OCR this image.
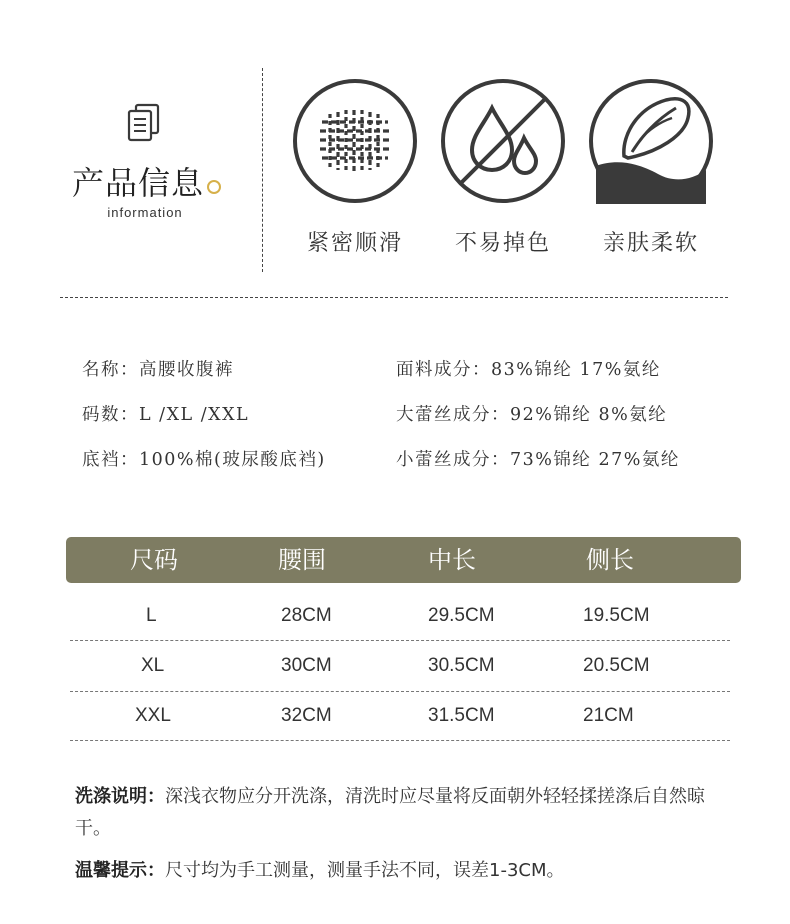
产品信息
information
紧密顺滑	不易掉色	亲肤柔软
名称：高腰收腹裤
码数：L /XL /XXL
底裆：100%棉(玻尿酸底裆)
面料成分：83%锦纶 17%氨纶
大蕾丝成分：92%锦纶 8%氨纶
小蕾丝成分：73%锦纶 27%氨纶
尺码	腰围	中长	侧长
L	28CM	29.5CM	19.5CM
XL	30CM	30.5CM	20.5CM
XXL	32CM	31.5CM	21CM
洗涤说明：深浅衣物应分开洗涤，清洗时应尽量将反面朝外轻轻揉搓涤后自然晾干。
温馨提示：尺寸均为手工测量，测量手法不同，误差1-3CM。
